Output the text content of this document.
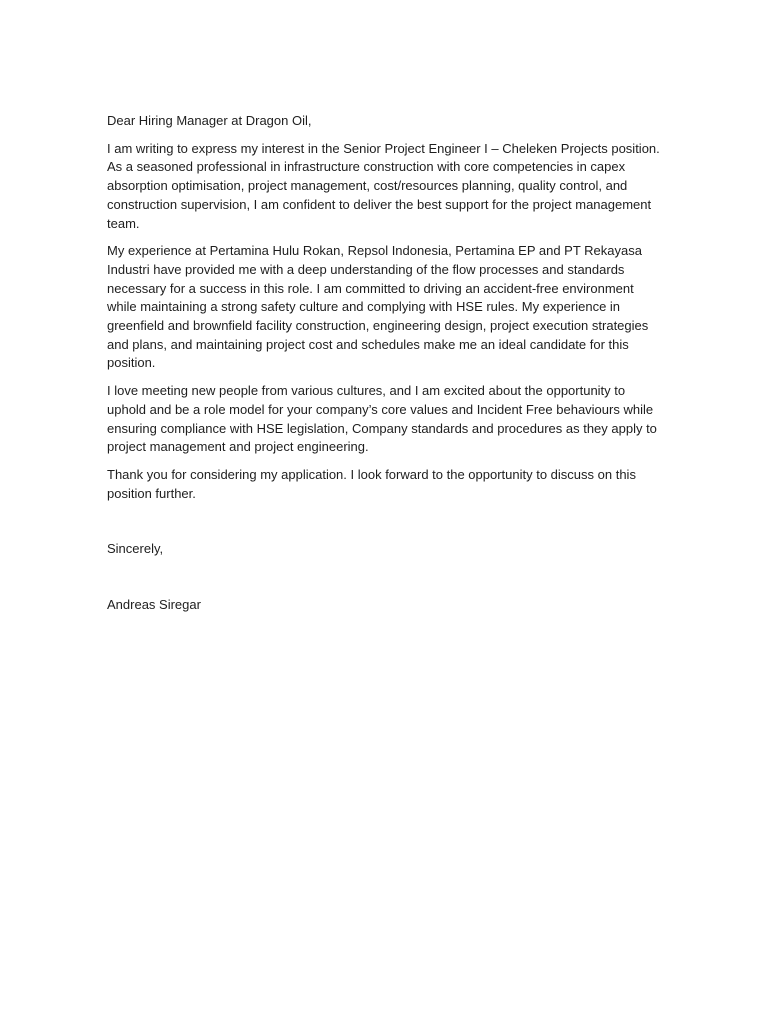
Dear Hiring Manager at Dragon Oil,

I am writing to express my interest in the Senior Project Engineer I – Cheleken Projects position. As a seasoned professional in infrastructure construction with core competencies in capex absorption optimisation, project management, cost/resources planning, quality control, and construction supervision, I am confident to deliver the best support for the project management team.

My experience at Pertamina Hulu Rokan, Repsol Indonesia, Pertamina EP and PT Rekayasa Industri have provided me with a deep understanding of the flow processes and standards necessary for a success in this role. I am committed to driving an accident-free environment while maintaining a strong safety culture and complying with HSE rules. My experience in greenfield and brownfield facility construction, engineering design, project execution strategies and plans, and maintaining project cost and schedules make me an ideal candidate for this position.

I love meeting new people from various cultures, and I am excited about the opportunity to uphold and be a role model for your company’s core values and Incident Free behaviours while ensuring compliance with HSE legislation, Company standards and procedures as they apply to project management and project engineering.

Thank you for considering my application. I look forward to the opportunity to discuss on this position further.

Sincerely,

Andreas Siregar
